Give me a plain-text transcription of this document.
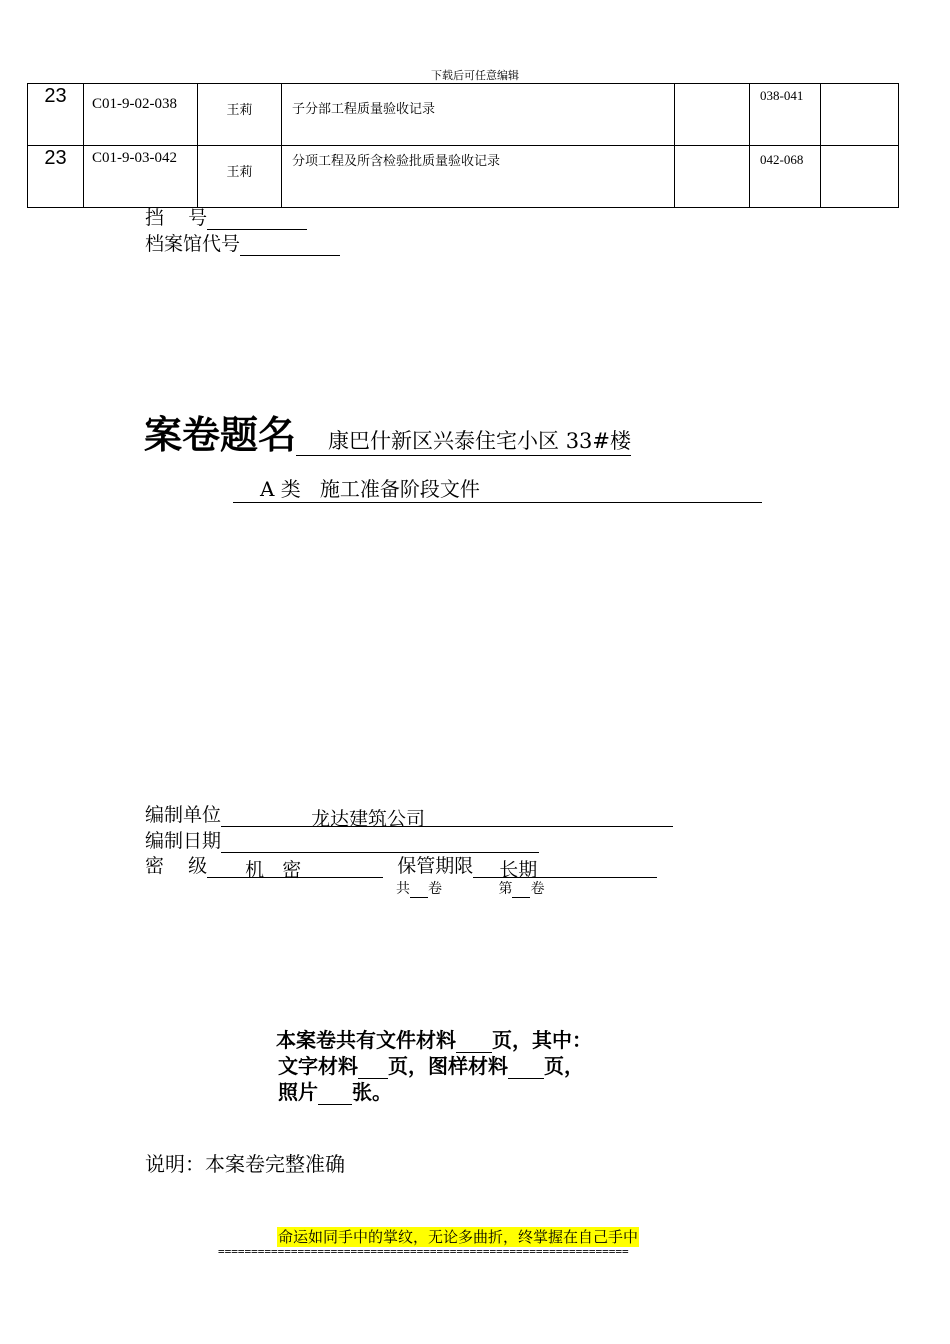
下载后可任意编辑
23	C01-9-02-038	王莉	子分部工程质量验收记录		038-041	
23	C01-9-03-042	王莉	分项工程及所含检验批质量验收记录		042-068	
挡    号
档案馆代号
案卷题名 康巴什新区兴泰住宅小区 33#楼
A 类   施工准备阶段文件
编制单位	龙达建筑公司
编制日期
密    级 机   密	保管期限 长期
共 卷	第 卷
本案卷共有文件材料 页，其中：
文字材料 页，图样材料 页，
照片 张。
说明：本案卷完整准确
命运如同手中的掌纹，无论多曲折，终掌握在自己手中
==============================================================
